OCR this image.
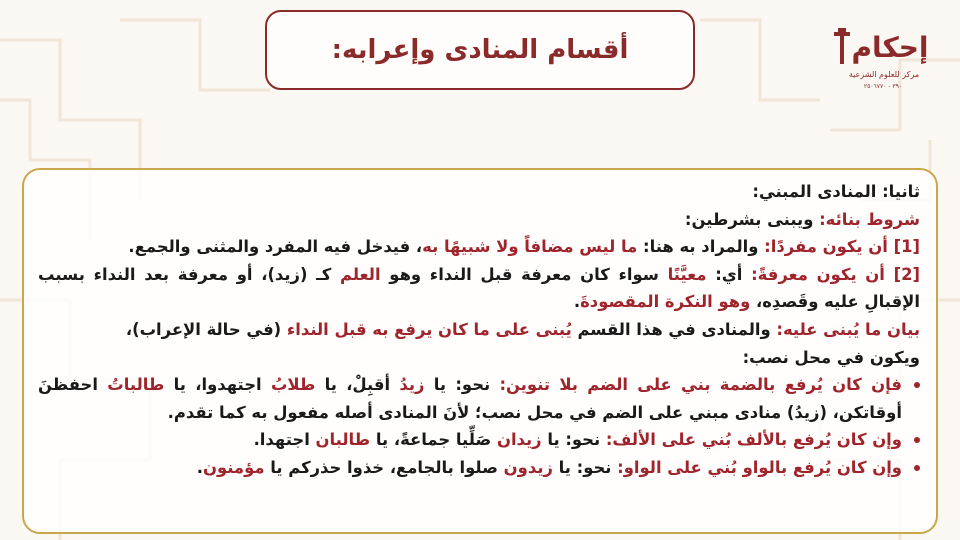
أقسام المنادى وإعرابه:	إحكام
مركز للعلوم الشرعية
٣٩٠ - ٢٥٠٦٧٧٠

ثانيا: المنادى المبني:

شروط بنائه: ويبنى بشرطين:

[1] أن يكون مفردًا: والمراد به هنا: ما ليس مضافاً ولا شبيهًا به، فيدخل فيه المفرد والمثنى والجمع.

[2] أن يكون معرفةً: أي: معيَّنًا سواء كان معرفة قبل النداء وهو العلم كـ (زيد)، أو معرفة بعد النداء بسبب الإقبالِ عليه وقَصدِه، وهو النكرة المقصودةَ.

بيان ما يُبنى عليه: والمنادى في هذا القسم يُبنى على ما كان يرفع به قبل النداء (في حالة الإعراب)،

ويكون في محل نصب:

فإن كان يُرفع بالضمة بني على الضم بلا تنوين: نحو: يا زيدُ أقبِلْ، يا طلابُ اجتهدوا، يا طالباتُ احفظنَ أوقاتكن، (زيدُ) منادى مبني على الضم في محل نصب؛ لأنَ المنادى أصله مفعول به كما تقدم.
وإن كان يُرفع بالألف بُني على الألف: نحو: يا زيدان صَلِّيا جماعةً، يا طالبان اجتهدا.
وإن كان يُرفع بالواو بُني على الواو: نحو: يا زيدون صلوا بالجامع، خذوا حذركم يا مؤمنون.
